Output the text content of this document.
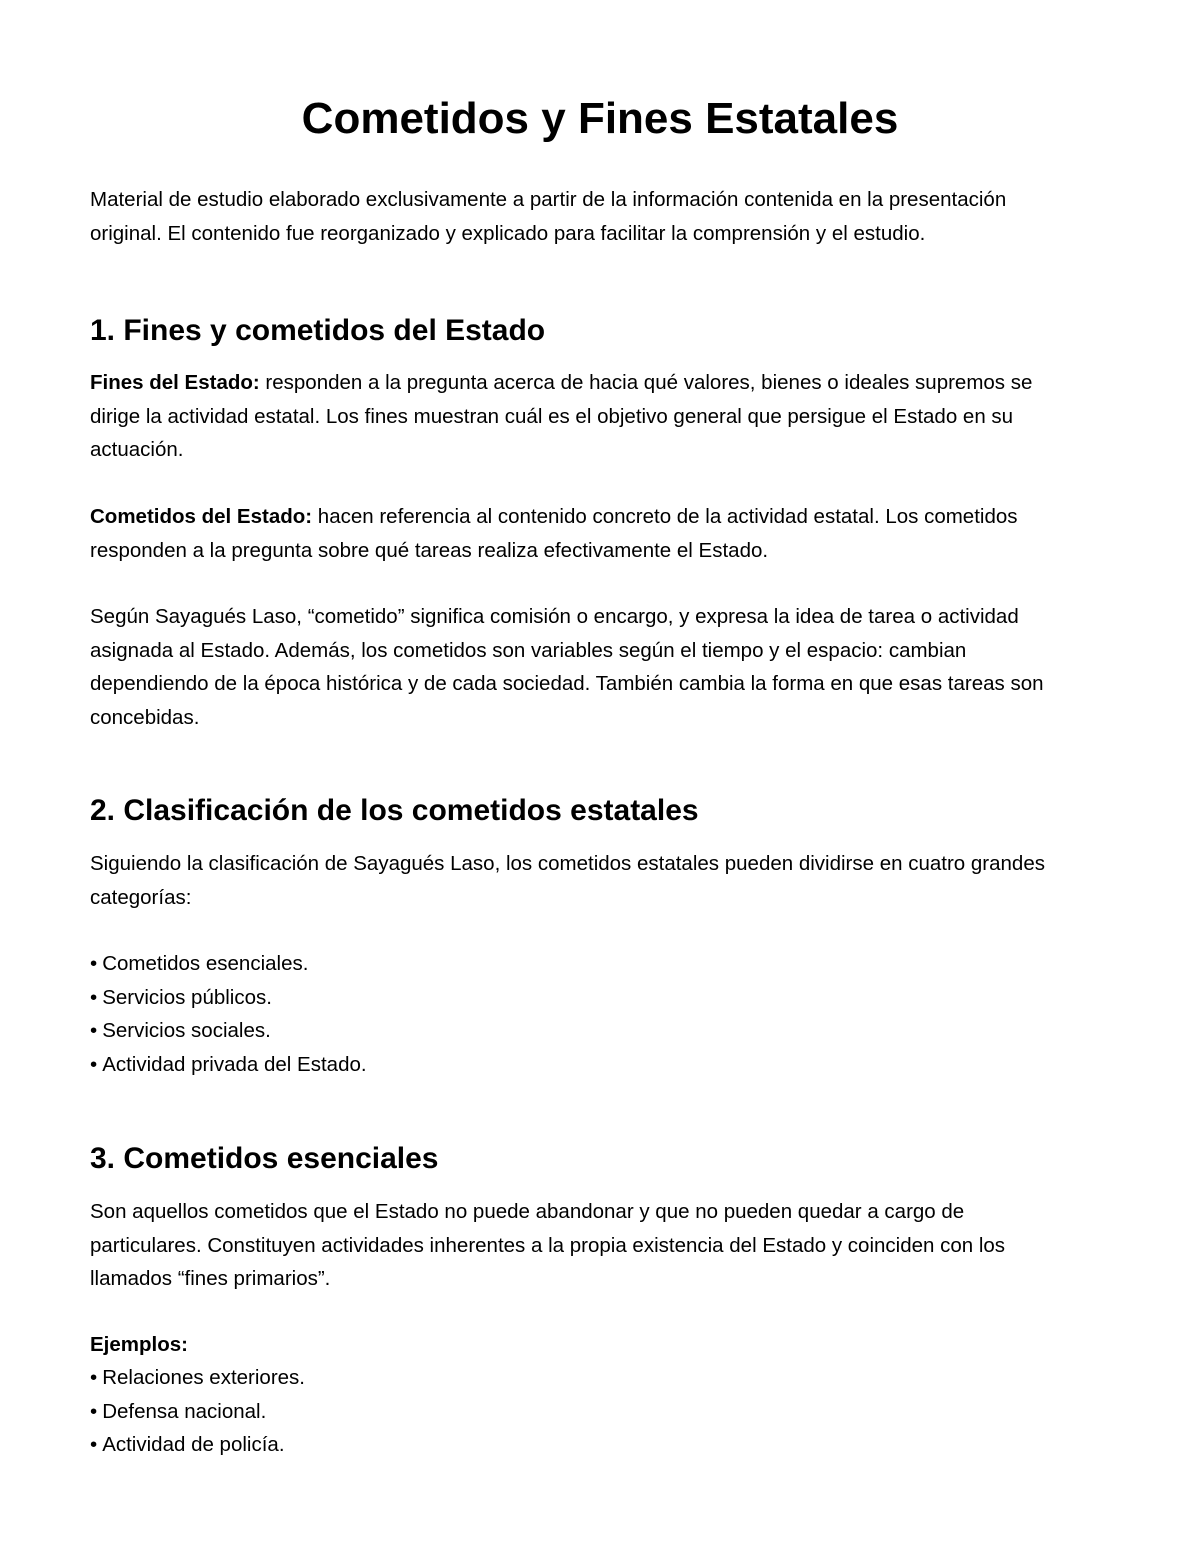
Cometidos y Fines Estatales

Material de estudio elaborado exclusivamente a partir de la información contenida en la presentación
original. El contenido fue reorganizado y explicado para facilitar la comprensión y el estudio.

1. Fines y cometidos del Estado

Fines del Estado: responden a la pregunta acerca de hacia qué valores, bienes o ideales supremos se
dirige la actividad estatal. Los fines muestran cuál es el objetivo general que persigue el Estado en su
actuación.

Cometidos del Estado: hacen referencia al contenido concreto de la actividad estatal. Los cometidos
responden a la pregunta sobre qué tareas realiza efectivamente el Estado.

Según Sayagués Laso, “cometido” significa comisión o encargo, y expresa la idea de tarea o actividad
asignada al Estado. Además, los cometidos son variables según el tiempo y el espacio: cambian
dependiendo de la época histórica y de cada sociedad. También cambia la forma en que esas tareas son
concebidas.

2. Clasificación de los cometidos estatales

Siguiendo la clasificación de Sayagués Laso, los cometidos estatales pueden dividirse en cuatro grandes
categorías:

• Cometidos esenciales.
• Servicios públicos.
• Servicios sociales.
• Actividad privada del Estado.
3. Cometidos esenciales

Son aquellos cometidos que el Estado no puede abandonar y que no pueden quedar a cargo de
particulares. Constituyen actividades inherentes a la propia existencia del Estado y coinciden con los
llamados “fines primarios”.

Ejemplos:

• Relaciones exteriores.
• Defensa nacional.
• Actividad de policía.
